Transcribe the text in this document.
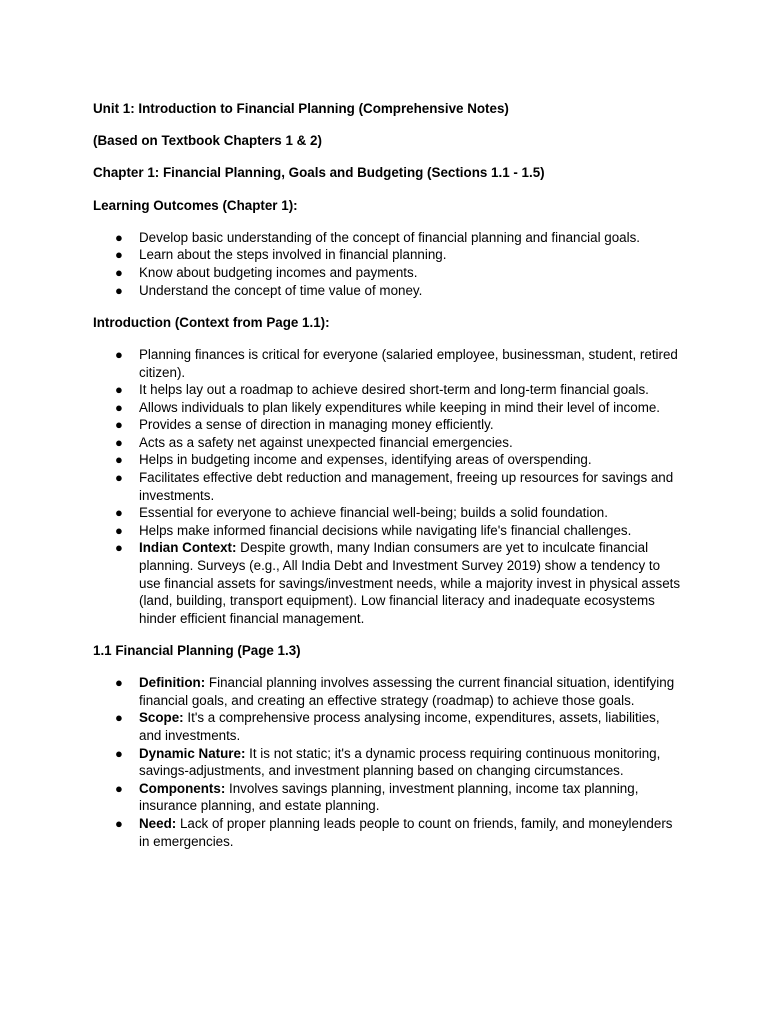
Unit 1: Introduction to Financial Planning (Comprehensive Notes)

(Based on Textbook Chapters 1 & 2)

Chapter 1: Financial Planning, Goals and Budgeting (Sections 1.1 - 1.5)

Learning Outcomes (Chapter 1):

● Develop basic understanding of the concept of financial planning and financial goals.
● Learn about the steps involved in financial planning.
● Know about budgeting incomes and payments.
● Understand the concept of time value of money.

Introduction (Context from Page 1.1):

● Planning finances is critical for everyone (salaried employee, businessman, student, retired citizen).
● It helps lay out a roadmap to achieve desired short-term and long-term financial goals.
● Allows individuals to plan likely expenditures while keeping in mind their level of income.
● Provides a sense of direction in managing money efficiently.
● Acts as a safety net against unexpected financial emergencies.
● Helps in budgeting income and expenses, identifying areas of overspending.
● Facilitates effective debt reduction and management, freeing up resources for savings and investments.
● Essential for everyone to achieve financial well-being; builds a solid foundation.
● Helps make informed financial decisions while navigating life's financial challenges.
● Indian Context: Despite growth, many Indian consumers are yet to inculcate financial planning. Surveys (e.g., All India Debt and Investment Survey 2019) show a tendency to use financial assets for savings/investment needs, while a majority invest in physical assets (land, building, transport equipment). Low financial literacy and inadequate ecosystems hinder efficient financial management.

1.1 Financial Planning (Page 1.3)

● Definition: Financial planning involves assessing the current financial situation, identifying financial goals, and creating an effective strategy (roadmap) to achieve those goals.
● Scope: It's a comprehensive process analysing income, expenditures, assets, liabilities, and investments.
● Dynamic Nature: It is not static; it's a dynamic process requiring continuous monitoring, savings-adjustments, and investment planning based on changing circumstances.
● Components: Involves savings planning, investment planning, income tax planning, insurance planning, and estate planning.
● Need: Lack of proper planning leads people to count on friends, family, and moneylenders in emergencies.
